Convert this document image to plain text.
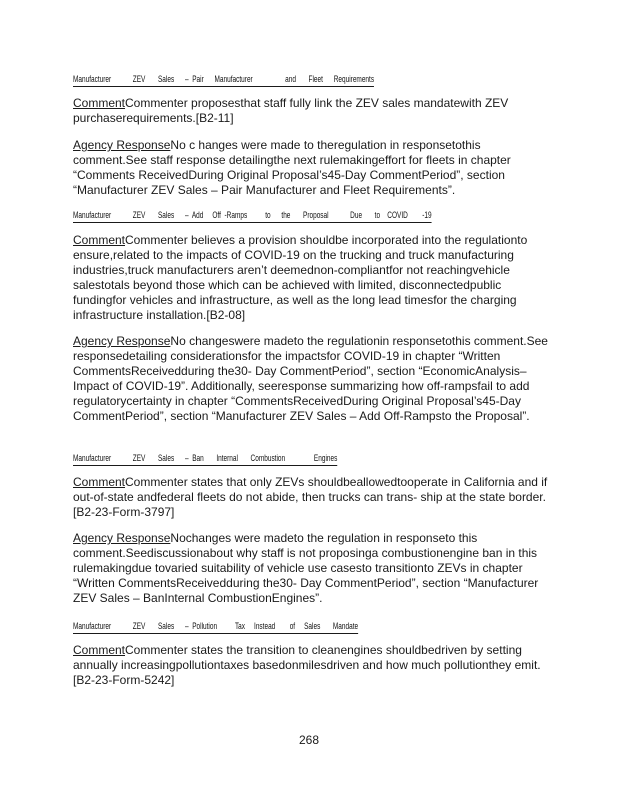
Manufacturer            ZEV       Sales      –  Pair      Manufacturer                  and       Fleet      Requirements

CommentCommenter proposesthat staff fully link the ZEV sales mandatewith ZEV purchaserequirements.[B2-11]

Agency ResponseNo c hanges were made to theregulation in responsetothis comment.See staff response detailingthe next rulemakingeffort for fleets in chapter “Comments ReceivedDuring Original Proposal’s45-Day CommentPeriod”, section “Manufacturer ZEV Sales – Pair Manufacturer and Fleet Requirements”.

Manufacturer            ZEV       Sales      –  Add     Off  -Ramps          to      the       Proposal            Due       to    COVID        -19

CommentCommenter believes a provision shouldbe incorporated into the regulationto ensure,related to the impacts of COVID-19 on the trucking and truck manufacturing industries,truck manufacturers aren’t deemednon-compliantfor not reachingvehicle salestotals beyond those which can be achieved with limited, disconnectedpublic fundingfor vehicles and infrastructure, as well as the long lead timesfor the charging infrastructure installation.[B2-08]

Agency ResponseNo changeswere madeto the regulationin responsetothis comment.See responsedetailing considerationsfor the impactsfor COVID-19 in chapter “Written CommentsReceivedduring the30- Day CommentPeriod”, section “EconomicAnalysis– Impact of COVID-19”. Additionally, seeresponse summarizing how off-rampsfail to add regulatorycertainty in chapter “CommentsReceivedDuring Original Proposal’s45-Day CommentPeriod”, section “Manufacturer ZEV Sales – Add Off-Rampsto the Proposal”.

Manufacturer            ZEV       Sales      –  Ban       Internal       Combustion                Engines

CommentCommenter states that only ZEVs shouldbeallowedtooperate in California and if out-of-state andfederal fleets do not abide, then trucks can trans- ship at the state border. [B2-23-Form-3797]

Agency ResponseNochanges were madeto the regulation in responseto this comment.Seediscussionabout why staff is not proposinga combustionengine ban in this rulemakingdue tovaried suitability of vehicle use casesto transitionto ZEVs in chapter “Written CommentsReceivedduring the30- Day CommentPeriod”, section “Manufacturer ZEV Sales – BanInternal CombustionEngines”.

Manufacturer            ZEV       Sales      –  Pollution          Tax     Instead        of     Sales       Mandate

CommentCommenter states the transition to cleanengines shouldbedriven by setting annually increasingpollutiontaxes basedonmilesdriven and how much pollutionthey emit. [B2-23-Form-5242]

268
